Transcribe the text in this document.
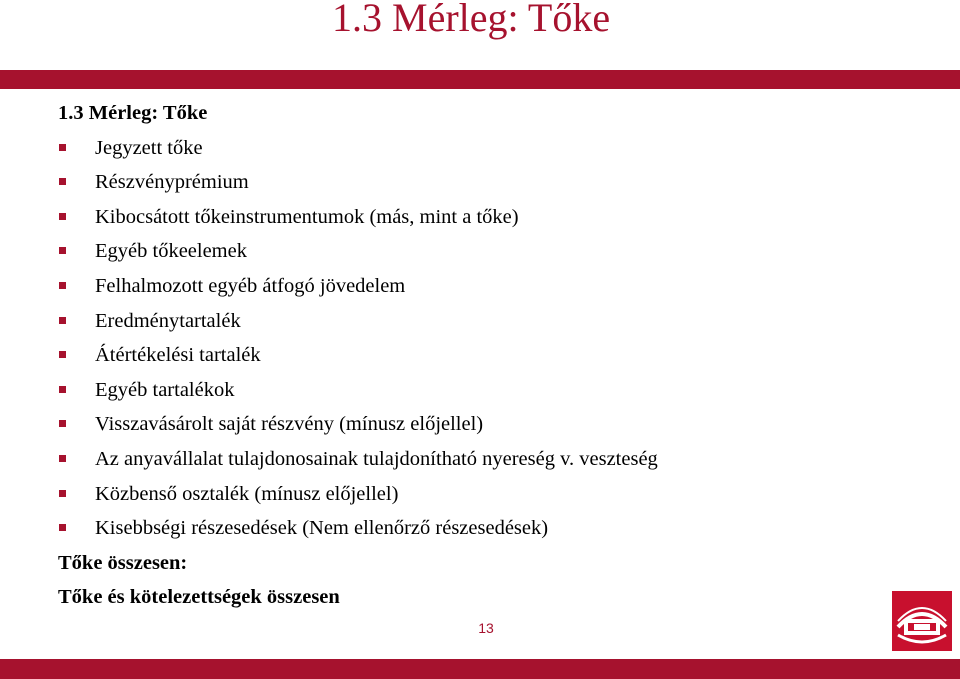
1.3 Mérleg: Tőke
1.3 Mérleg: Tőke
Jegyzett tőke
Részvényprémium
Kibocsátott tőkeinstrumentumok (más, mint a tőke)
Egyéb tőkeelemek
Felhalmozott egyéb átfogó jövedelem
Eredménytartalék
Átértékelési tartalék
Egyéb tartalékok
Visszavásárolt saját részvény (mínusz előjellel)
Az anyavállalat tulajdonosainak tulajdonítható nyereség v. veszteség
Közbenső osztalék (mínusz előjellel)
Kisebbségi részesedések (Nem ellenőrző részesedések)
Tőke összesen:
Tőke és kötelezettségek összesen
13
